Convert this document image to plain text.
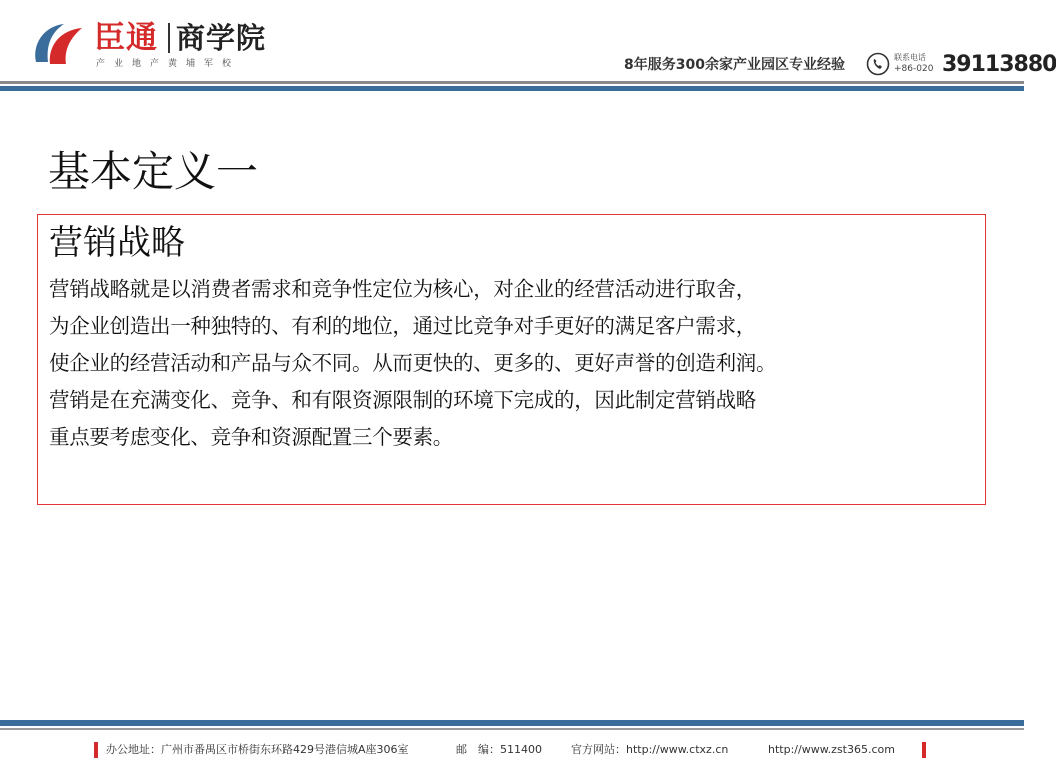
臣通 商学院
产业地产黄埔军校	8年服务300余家产业园区专业经验	联系电话
+86-020 39113880
基本定义一
营销战略
营销战略就是以消费者需求和竞争性定位为核心，对企业的经营活动进行取舍，
为企业创造出一种独特的、有利的地位，通过比竞争对手更好的满足客户需求，
使企业的经营活动和产品与众不同。从而更快的、更多的、更好声誉的创造利润。
营销是在充满变化、竞争、和有限资源限制的环境下完成的，因此制定营销战略
重点要考虑变化、竞争和资源配置三个要素。
办公地址：广州市番禺区市桥街东环路429号港信城A座306室	邮　编：511400	官方网站：http://www.ctxz.cn	http://www.zst365.com
